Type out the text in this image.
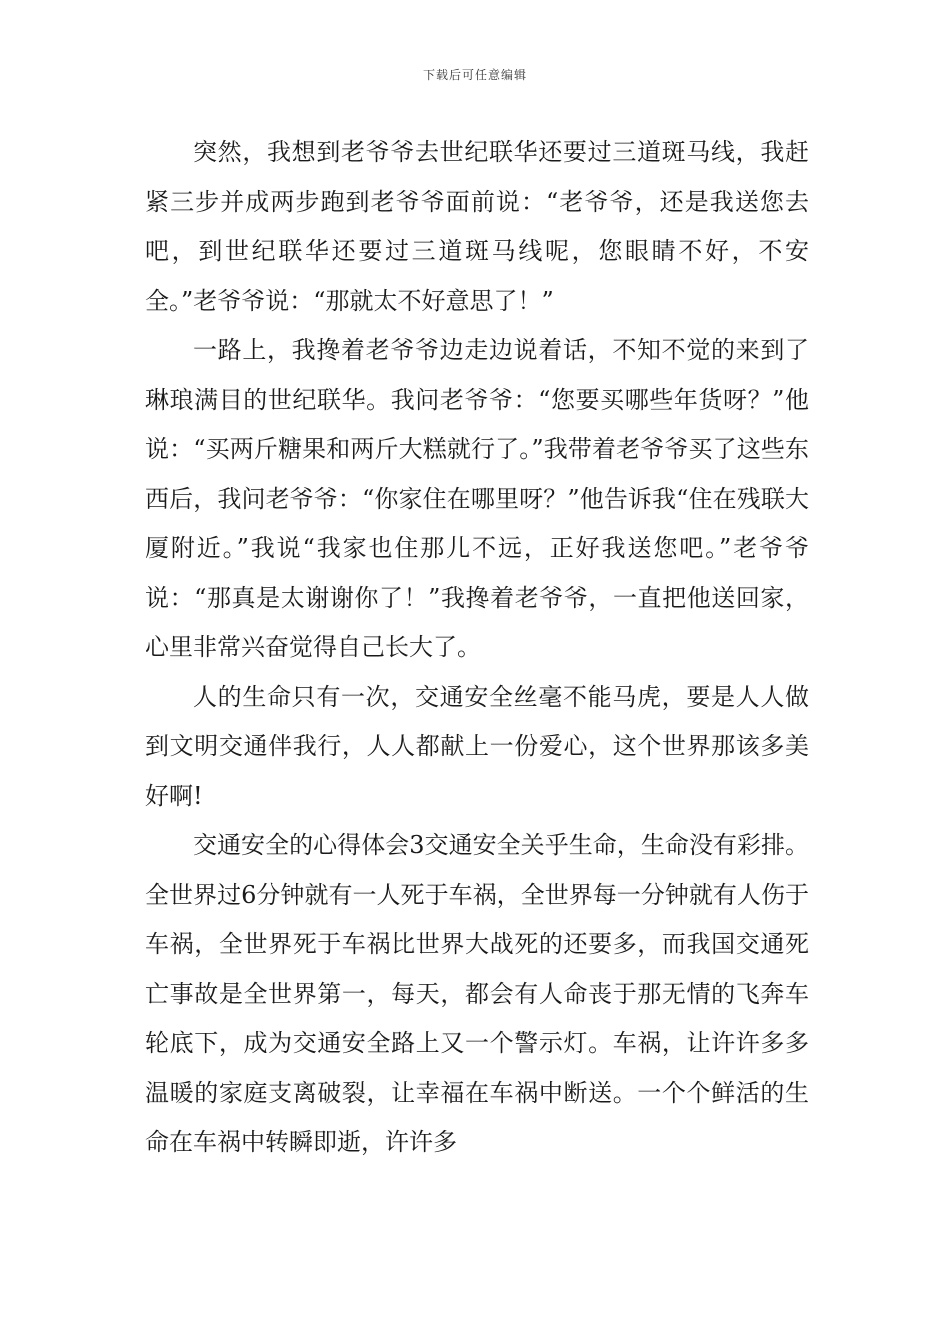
下载后可任意编辑

突然，我想到老爷爷去世纪联华还要过三道斑马线，我赶紧三步并成两步跑到老爷爷面前说：“老爷爷，还是我送您去吧，到世纪联华还要过三道斑马线呢，您眼睛不好，不安全。”老爷爷说：“那就太不好意思了！”

一路上，我搀着老爷爷边走边说着话，不知不觉的来到了琳琅满目的世纪联华。我问老爷爷：“您要买哪些年货呀？”他说：“买两斤糖果和两斤大糕就行了。”我带着老爷爷买了这些东西后，我问老爷爷：“你家住在哪里呀？”他告诉我“住在残联大厦附近。”我说“我家也住那儿不远，正好我送您吧。”老爷爷说：“那真是太谢谢你了！”我搀着老爷爷，一直把他送回家，心里非常兴奋觉得自己长大了。

人的生命只有一次，交通安全丝毫不能马虎，要是人人做到文明交通伴我行，人人都献上一份爱心，这个世界那该多美好啊!

交通安全的心得体会3交通安全关乎生命，生命没有彩排。全世界过6分钟就有一人死于车祸，全世界每一分钟就有人伤于车祸，全世界死于车祸比世界大战死的还要多，而我国交通死亡事故是全世界第一，每天，都会有人命丧于那无情的飞奔车轮底下，成为交通安全路上又一个警示灯。车祸，让许许多多温暖的家庭支离破裂，让幸福在车祸中断送。一个个鲜活的生命在车祸中转瞬即逝，许许多
